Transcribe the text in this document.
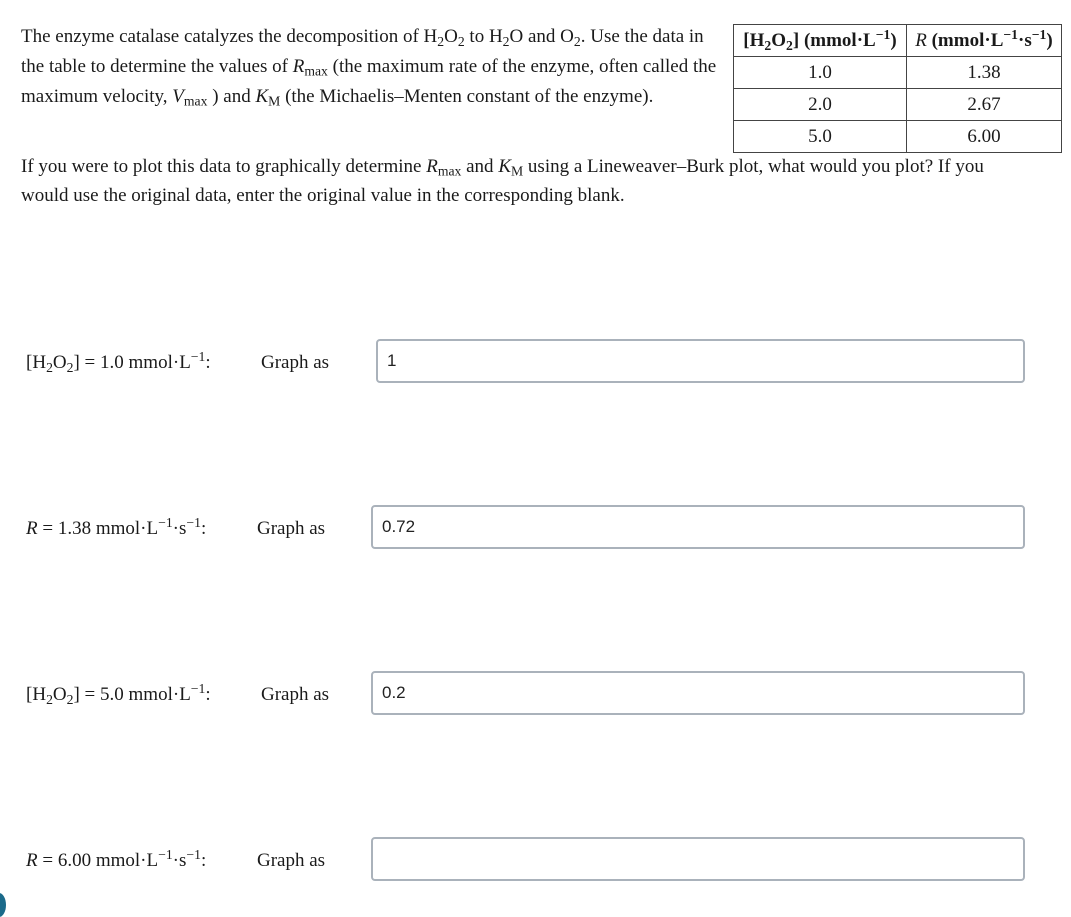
The enzyme catalase catalyzes the decomposition of $H_2O_2$ to $H_2O$ and $O_2$. Use the data in the table to determine the values of Rmax (the maximum rate of the enzyme, often called the maximum velocity, Vmax ) and KM (the Michaelis–Menten constant of the enzyme).

$[H_2O_2]$ $(mmol\cdot L^{-1})$	R $(mmol\cdot L^{-1}\cdot s^{-1})$
1.0	1.38
2.0	2.67
5.0	6.00

If you were to plot this data to graphically determine Rmax and KM using a Lineweaver–Burk plot, what would you plot? If you would use the original data, enter the original value in the corresponding blank.

$[H_2O_2] = 1.0$ $mmol\cdot L^{-1}$:	Graph as	1
R = 1.38 $mmol\cdot L^{-1}\cdot s^{-1}$:	Graph as	0.72
$[H_2O_2] = 5.0$ $mmol\cdot L^{-1}$:	Graph as	0.2
R = 6.00 $mmol\cdot L^{-1}\cdot s^{-1}$:	Graph as
